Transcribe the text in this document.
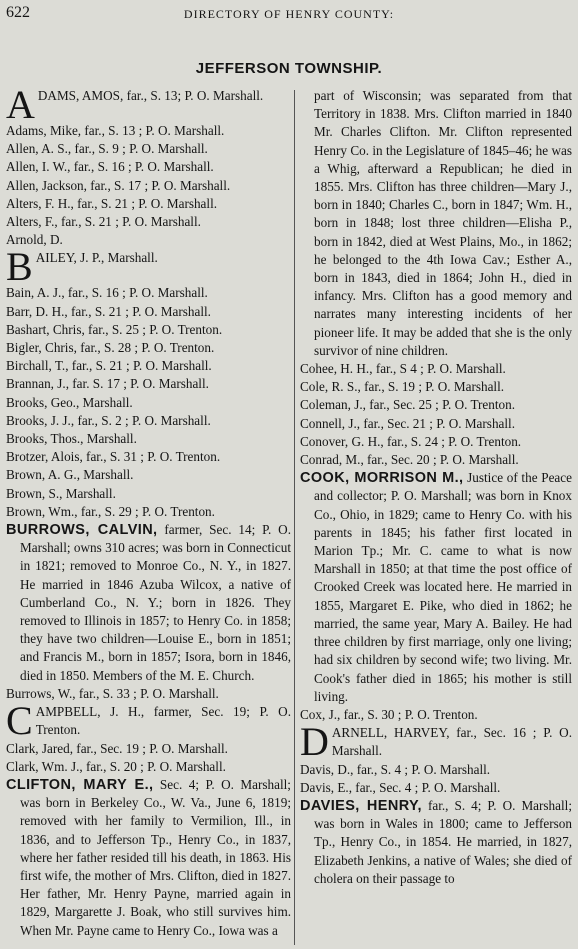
622	DIRECTORY OF HENRY COUNTY:
JEFFERSON TOWNSHIP.
A DAMS, AMOS, far., S. 13; P. O. Marshall.
Adams, Mike, far., S. 13 ; P. O. Marshall.
Allen, A. S., far., S. 9 ; P. O. Marshall.
Allen, I. W., far., S. 16 ; P. O. Marshall.
Allen, Jackson, far., S. 17 ; P. O. Marshall.
Alters, F. H., far., S. 21 ; P. O. Marshall.
Alters, F., far., S. 21 ; P. O. Marshall.
Arnold, D.
B AILEY, J. P., Marshall.
Bain, A. J., far., S. 16 ; P. O. Marshall.
Barr, D. H., far., S. 21 ; P. O. Marshall.
Bashart, Chris, far., S. 25 ; P. O. Trenton.
Bigler, Chris, far., S. 28 ; P. O. Trenton.
Birchall, T., far., S. 21 ; P. O. Marshall.
Brannan, J., far. S. 17 ; P. O. Marshall.
Brooks, Geo., Marshall.
Brooks, J. J., far., S. 2 ; P. O. Marshall.
Brooks, Thos., Marshall.
Brotzer, Alois, far., S. 31 ; P. O. Trenton.
Brown, A. G., Marshall.
Brown, S., Marshall.
Brown, Wm., far., S. 29 ; P. O. Trenton.
BURROWS, CALVIN, farmer, Sec. 14; P. O. Marshall; owns 310 acres; was born in Connecticut in 1821; removed to Monroe Co., N. Y., in 1827. He married in 1846 Azuba Wilcox, a native of Cumberland Co., N. Y.; born in 1826. They removed to Illinois in 1857; to Henry Co. in 1858; they have two children—Louise E., born in 1851; and Francis M., born in 1857; Isora, born in 1846, died in 1850. Members of the M. E. Church.
Burrows, W., far., S. 33 ; P. O. Marshall.
C AMPBELL, J. H., farmer, Sec. 19; P. O. Trenton.
Clark, Jared, far., Sec. 19 ; P. O. Marshall.
Clark, Wm. J., far., S. 20 ; P. O. Marshall.
CLIFTON, MARY E., Sec. 4; P. O. Marshall; was born in Berkeley Co., W. Va., June 6, 1819; removed with her family to Vermilion, Ill., in 1836, and to Jefferson Tp., Henry Co., in 1837, where her father resided till his death, in 1863. His first wife, the mother of Mrs. Clifton, died in 1827. Her father, Mr. Henry Payne, married again in 1829, Margarette J. Boak, who still survives him. When Mr. Payne came to Henry Co., Iowa was a
part of Wisconsin; was separated from that Territory in 1838. Mrs. Clifton married in 1840 Mr. Charles Clifton. Mr. Clifton represented Henry Co. in the Legislature of 1845–46; he was a Whig, afterward a Republican; he died in 1855. Mrs. Clifton has three children—Mary J., born in 1840; Charles C., born in 1847; Wm. H., born in 1848; lost three children—Elisha P., born in 1842, died at West Plains, Mo., in 1862; he belonged to the 4th Iowa Cav.; Esther A., born in 1843, died in 1864; John H., died in infancy. Mrs. Clifton has a good memory and narrates many interesting incidents of her pioneer life. It may be added that she is the only survivor of nine children.
Cohee, H. H., far., S 4 ; P. O. Marshall.
Cole, R. S., far., S. 19 ; P. O. Marshall.
Coleman, J., far., Sec. 25 ; P. O. Trenton.
Connell, J., far., Sec. 21 ; P. O. Marshall.
Conover, G. H., far., S. 24 ; P. O. Trenton.
Conrad, M., far., Sec. 20 ; P. O. Marshall.
COOK, MORRISON M., Justice of the Peace and collector; P. O. Marshall; was born in Knox Co., Ohio, in 1829; came to Henry Co. with his parents in 1845; his father first located in Marion Tp.; Mr. C. came to what is now Marshall in 1850; at that time the post office of Crooked Creek was located here. He married in 1855, Margaret E. Pike, who died in 1862; he married, the same year, Mary A. Bailey. He had three children by first marriage, only one living; had six children by second wife; two living. Mr. Cook's father died in 1865; his mother is still living.
Cox, J., far., S. 30 ; P. O. Trenton.
D ARNELL, HARVEY, far., Sec. 16 ; P. O. Marshall.
Davis, D., far., S. 4 ; P. O. Marshall.
Davis, E., far., Sec. 4 ; P. O. Marshall.
DAVIES, HENRY, far., S. 4; P. O. Marshall; was born in Wales in 1800; came to Jefferson Tp., Henry Co., in 1854. He married, in 1827, Elizabeth Jenkins, a native of Wales; she died of cholera on their passage to
